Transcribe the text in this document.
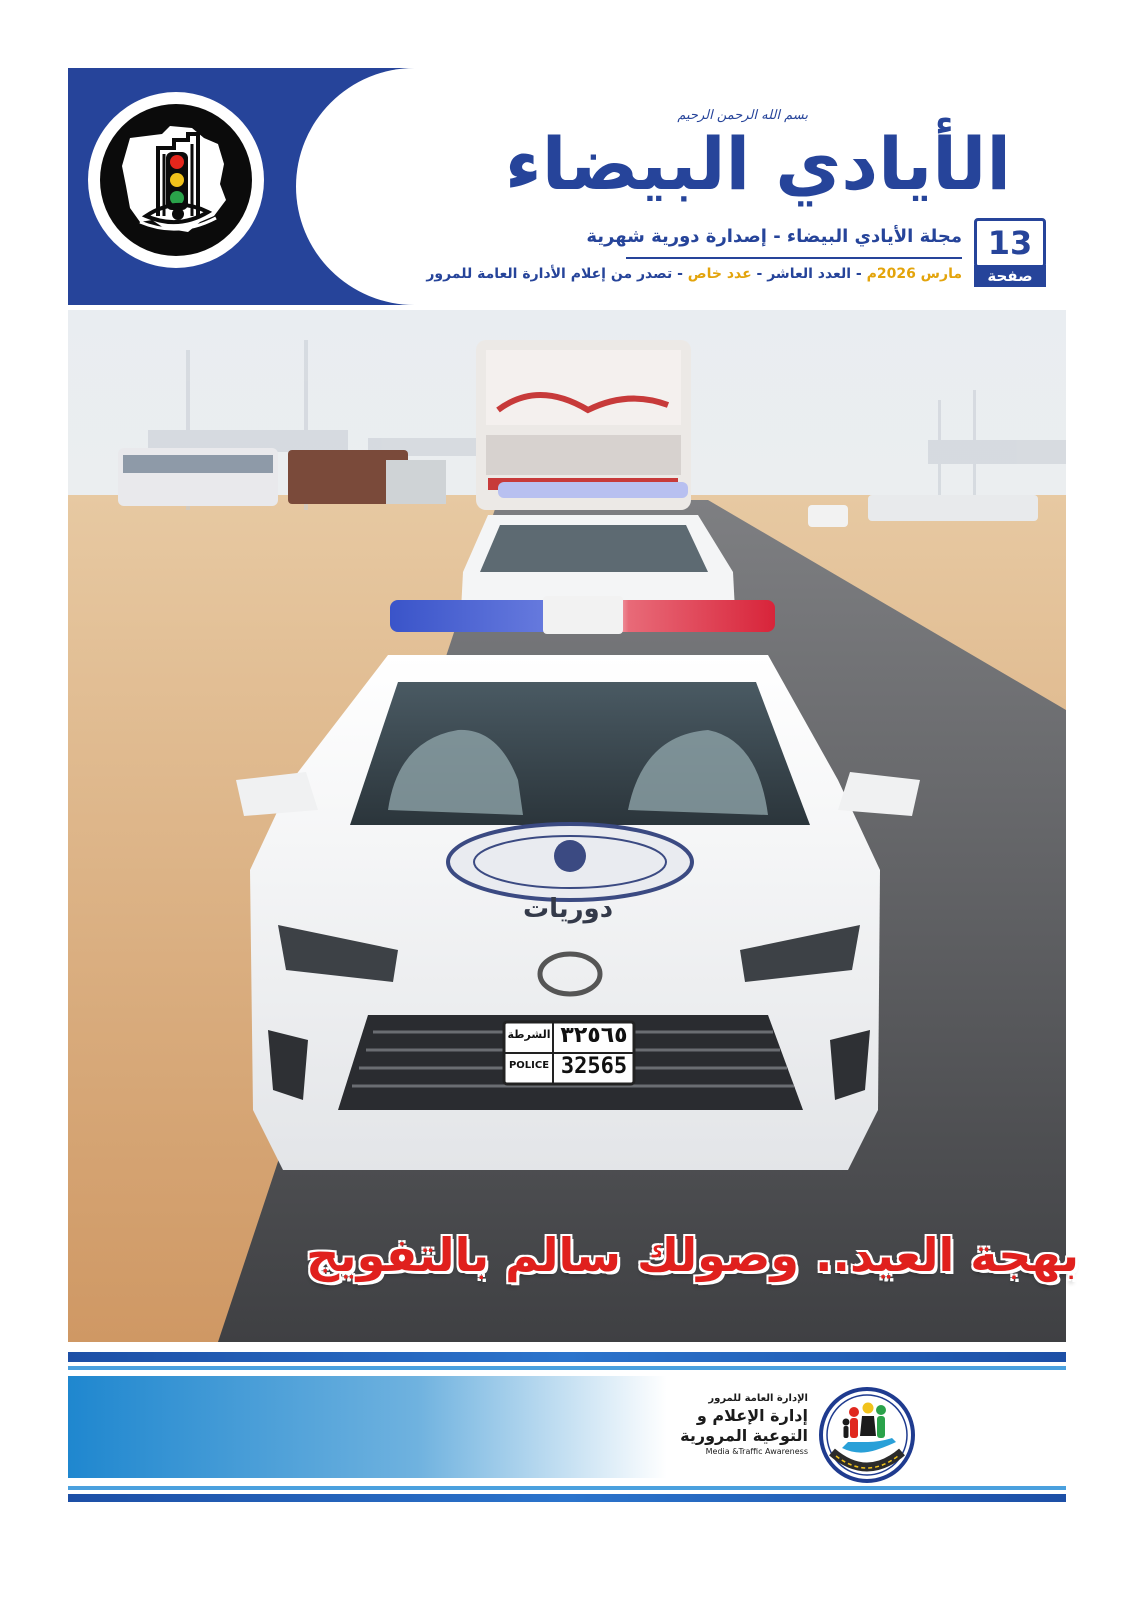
بسم الله الرحمن الرحيم
الأيادي البيضاء
13
صفحة
مجلة الأيادي البيضاء - إصدارة دورية شهرية
مارس 2026م - العدد العاشر - عدد خاص - تصدر من إعلام الأدارة العامة للمرور
دوريات
الشرطة ٣٢٥٦٥
POLICE 32565
بهجة العيد.. وصولك سالم بالتفويج
الإدارة العامة للمرور
إدارة الإعلام و
التوعية المرورية
Media &Traffic Awareness
